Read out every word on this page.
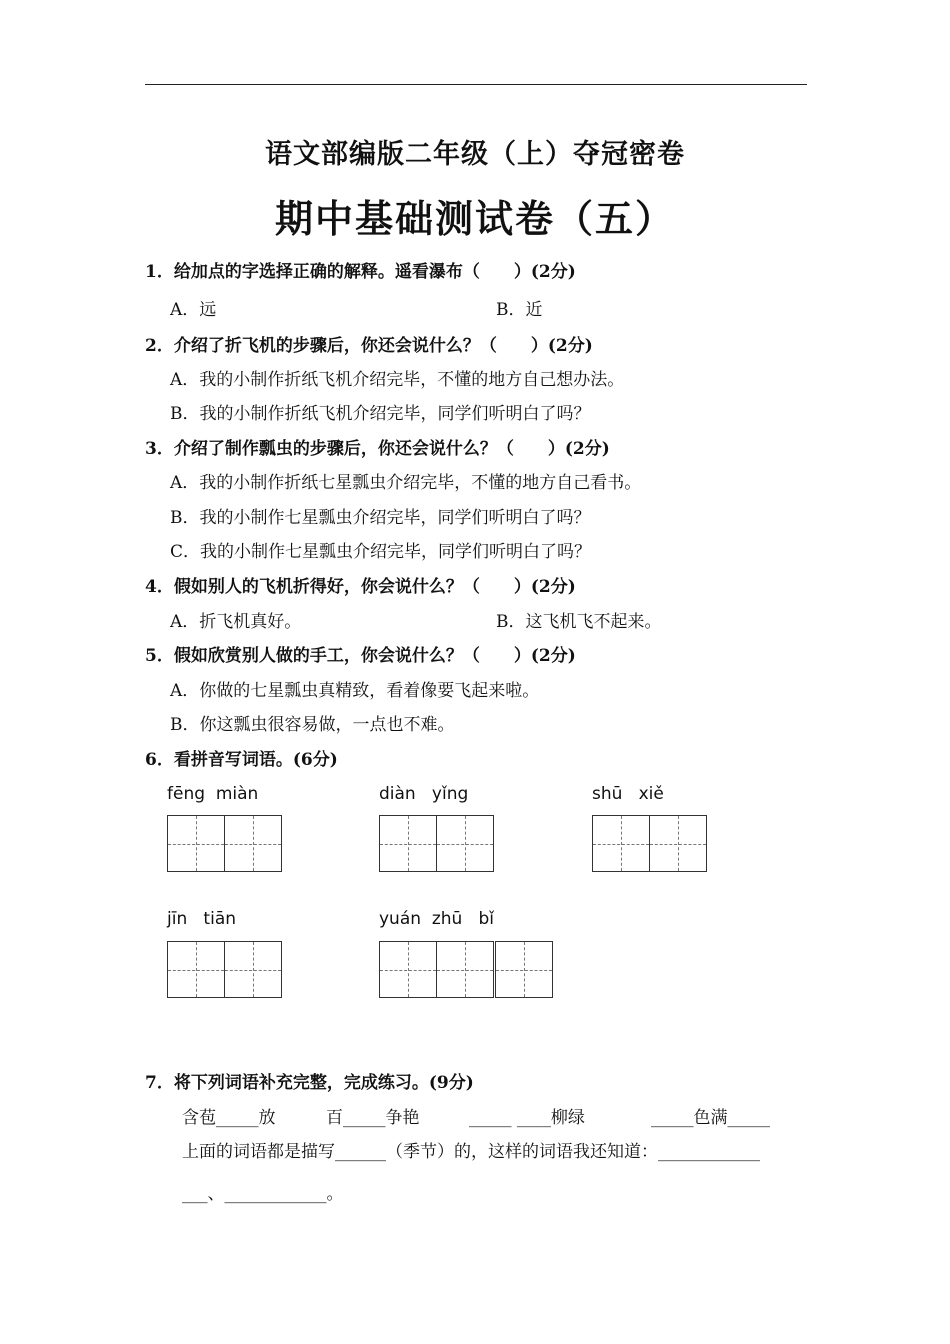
语文部编版二年级（上）夺冠密卷
期中基础测试卷（五）
1．给加点的字选择正确的解释。遥看瀑布（　　）(2分)
A．远	B．近
2．介绍了折飞机的步骤后，你还会说什么？（　　）(2分)
A．我的小制作折纸飞机介绍完毕，不懂的地方自己想办法。
B．我的小制作折纸飞机介绍完毕，同学们听明白了吗？
3．介绍了制作瓢虫的步骤后，你还会说什么？（　　）(2分)
A．我的小制作折纸七星瓢虫介绍完毕，不懂的地方自己看书。
B．我的小制作七星瓢虫介绍完毕，同学们听明白了吗？
C．我的小制作七星瓢虫介绍完毕，同学们听明白了吗？
4．假如别人的飞机折得好，你会说什么？（　　）(2分)
A．折飞机真好。	B．这飞机飞不起来。
5．假如欣赏别人做的手工，你会说什么？（　　）(2分)
A．你做的七星瓢虫真精致，看着像要飞起来啦。
B．你这瓢虫很容易做，一点也不难。
6．看拼音写词语。(6分)
fēng  miàn	diàn   yǐng	shū   xiě
jīn   tiān	yuán  zhū   bǐ
7．将下列词语补充完整，完成练习。(9分)
含苞_____放	百_____争艳	_____ ____柳绿	_____色满_____
上面的词语都是描写______（季节）的，这样的词语我还知道：____________
___、____________。
